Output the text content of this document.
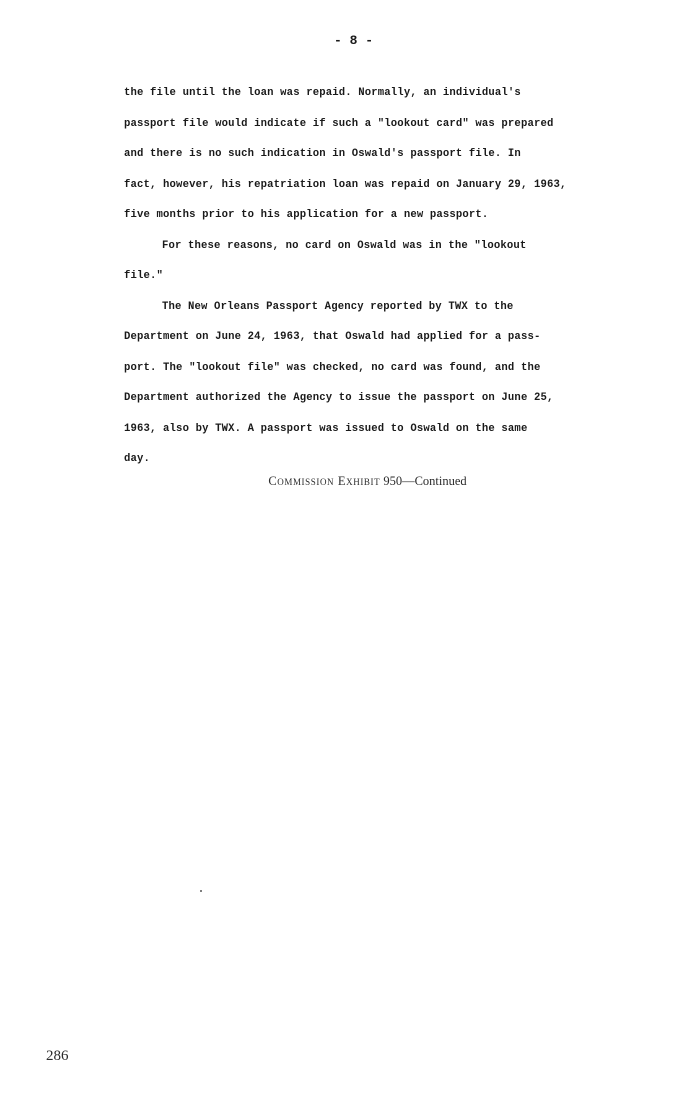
- 8 -

the file until the loan was repaid. Normally, an individual's

passport file would indicate if such a "lookout card" was prepared

and there is no such indication in Oswald's passport file. In

fact, however, his repatriation loan was repaid on January 29, 1963,

five months prior to his application for a new passport.

For these reasons, no card on Oswald was in the "lookout

file."

The New Orleans Passport Agency reported by TWX to the

Department on June 24, 1963, that Oswald had applied for a pass-

port. The "lookout file" was checked, no card was found, and the

Department authorized the Agency to issue the passport on June 25,

1963, also by TWX. A passport was issued to Oswald on the same

day.

Commission Exhibit 950—Continued
286
